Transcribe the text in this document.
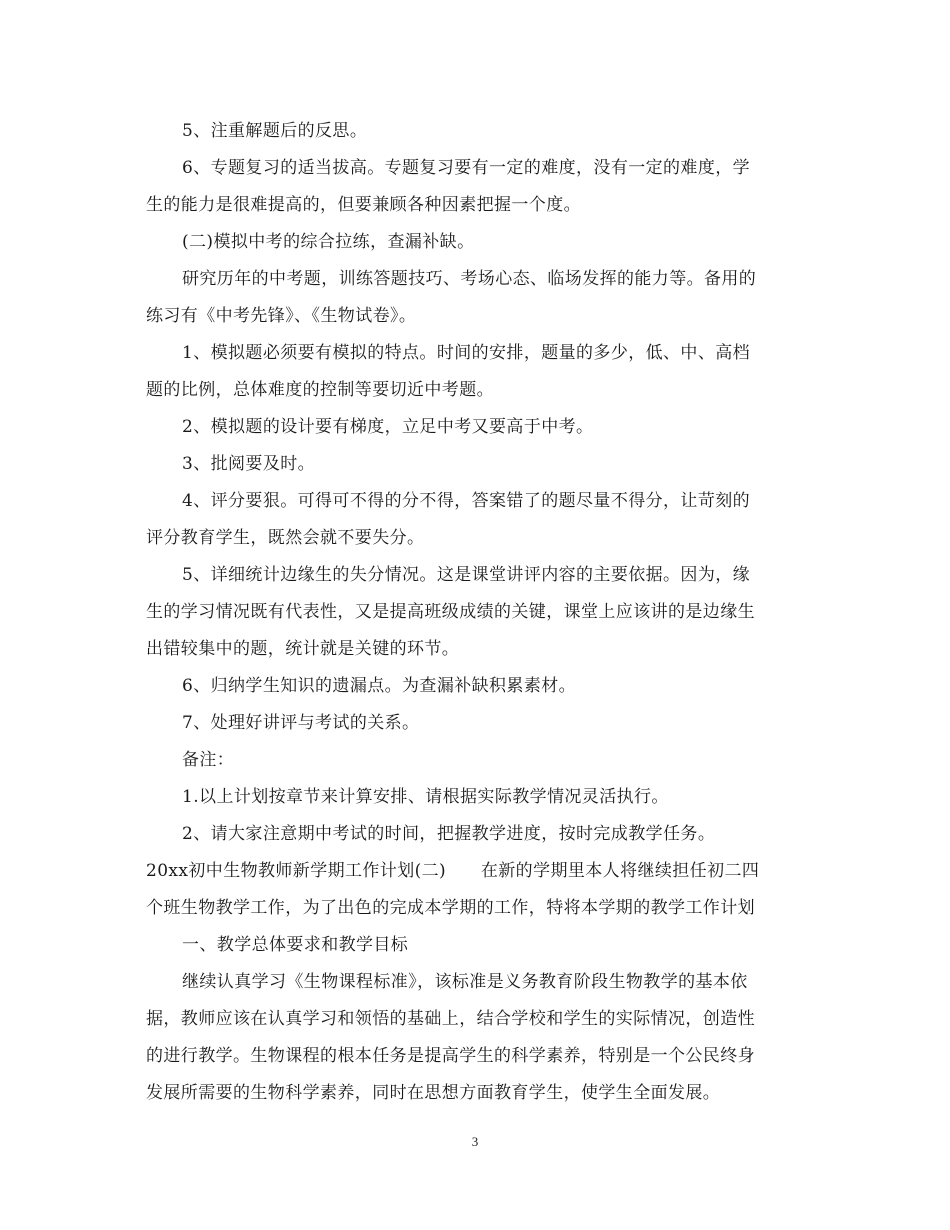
5、注重解题后的反思。

6、专题复习的适当拔高。专题复习要有一定的难度，没有一定的难度，学

生的能力是很难提高的，但要兼顾各种因素把握一个度。

(二)模拟中考的综合拉练，查漏补缺。

研究历年的中考题，训练答题技巧、考场心态、临场发挥的能力等。备用的

练习有《中考先锋》、《生物试卷》。

1、模拟题必须要有模拟的特点。时间的安排，题量的多少，低、中、高档

题的比例，总体难度的控制等要切近中考题。

2、模拟题的设计要有梯度，立足中考又要高于中考。

3、批阅要及时。

4、评分要狠。可得可不得的分不得，答案错了的题尽量不得分，让苛刻的

评分教育学生，既然会就不要失分。

5、详细统计边缘生的失分情况。这是课堂讲评内容的主要依据。因为，缘

生的学习情况既有代表性，又是提高班级成绩的关键，课堂上应该讲的是边缘生

出错较集中的题，统计就是关键的环节。

6、归纳学生知识的遗漏点。为查漏补缺积累素材。

7、处理好讲评与考试的关系。

备注：

1.以上计划按章节来计算安排、请根据实际教学情况灵活执行。

2、请大家注意期中考试的时间，把握教学进度，按时完成教学任务。

20xx初中生物教师新学期工作计划(二)　　在新的学期里本人将继续担任初二四

个班生物教学工作，为了出色的完成本学期的工作，特将本学期的教学工作计划

一、教学总体要求和教学目标

继续认真学习《生物课程标准》，该标准是义务教育阶段生物教学的基本依

据，教师应该在认真学习和领悟的基础上，结合学校和学生的实际情况，创造性

的进行教学。生物课程的根本任务是提高学生的科学素养，特别是一个公民终身

发展所需要的生物科学素养，同时在思想方面教育学生，使学生全面发展。

3
